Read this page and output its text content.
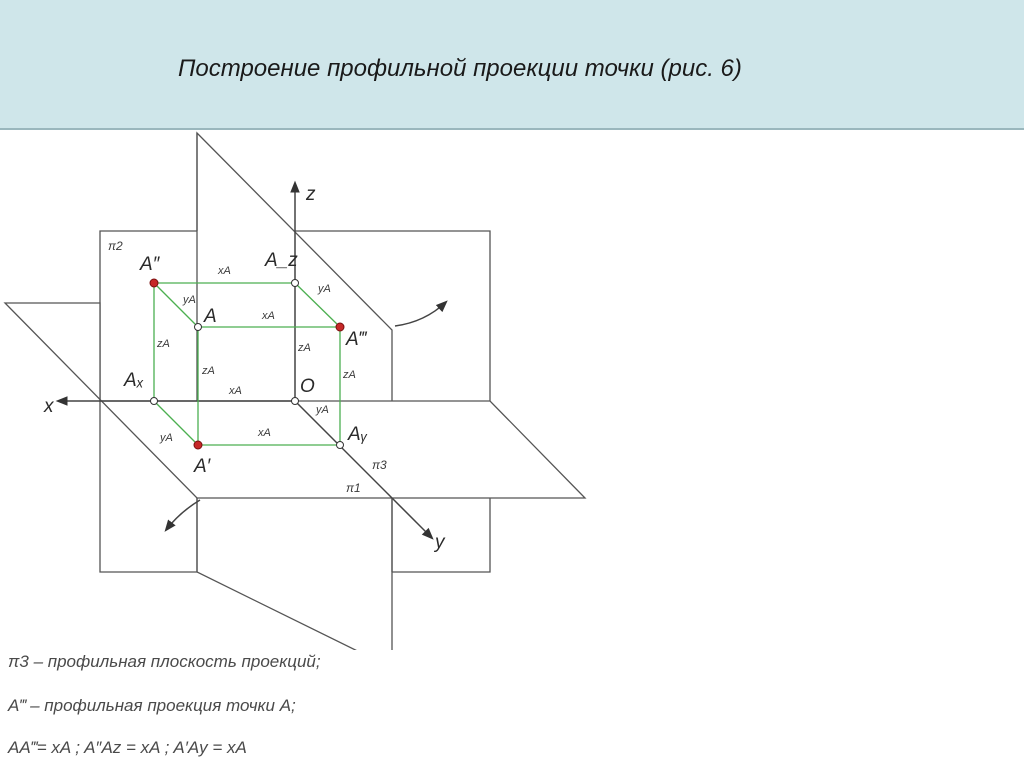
Построение профильной проекции точки (рис. 6)
π2
π3
π1
z
x
y
O
A″	A_z
A
A‴
Aₓ
Aᵧ
A′
xA
yA
yA
xA
zA	zA
zA	zA
xA
yA
yA	xA
π3 – профильная плоскость проекций;
A‴ – профильная проекция точки A;
AA‴= xA ; A″Az = xA ; A′Ay = xA
